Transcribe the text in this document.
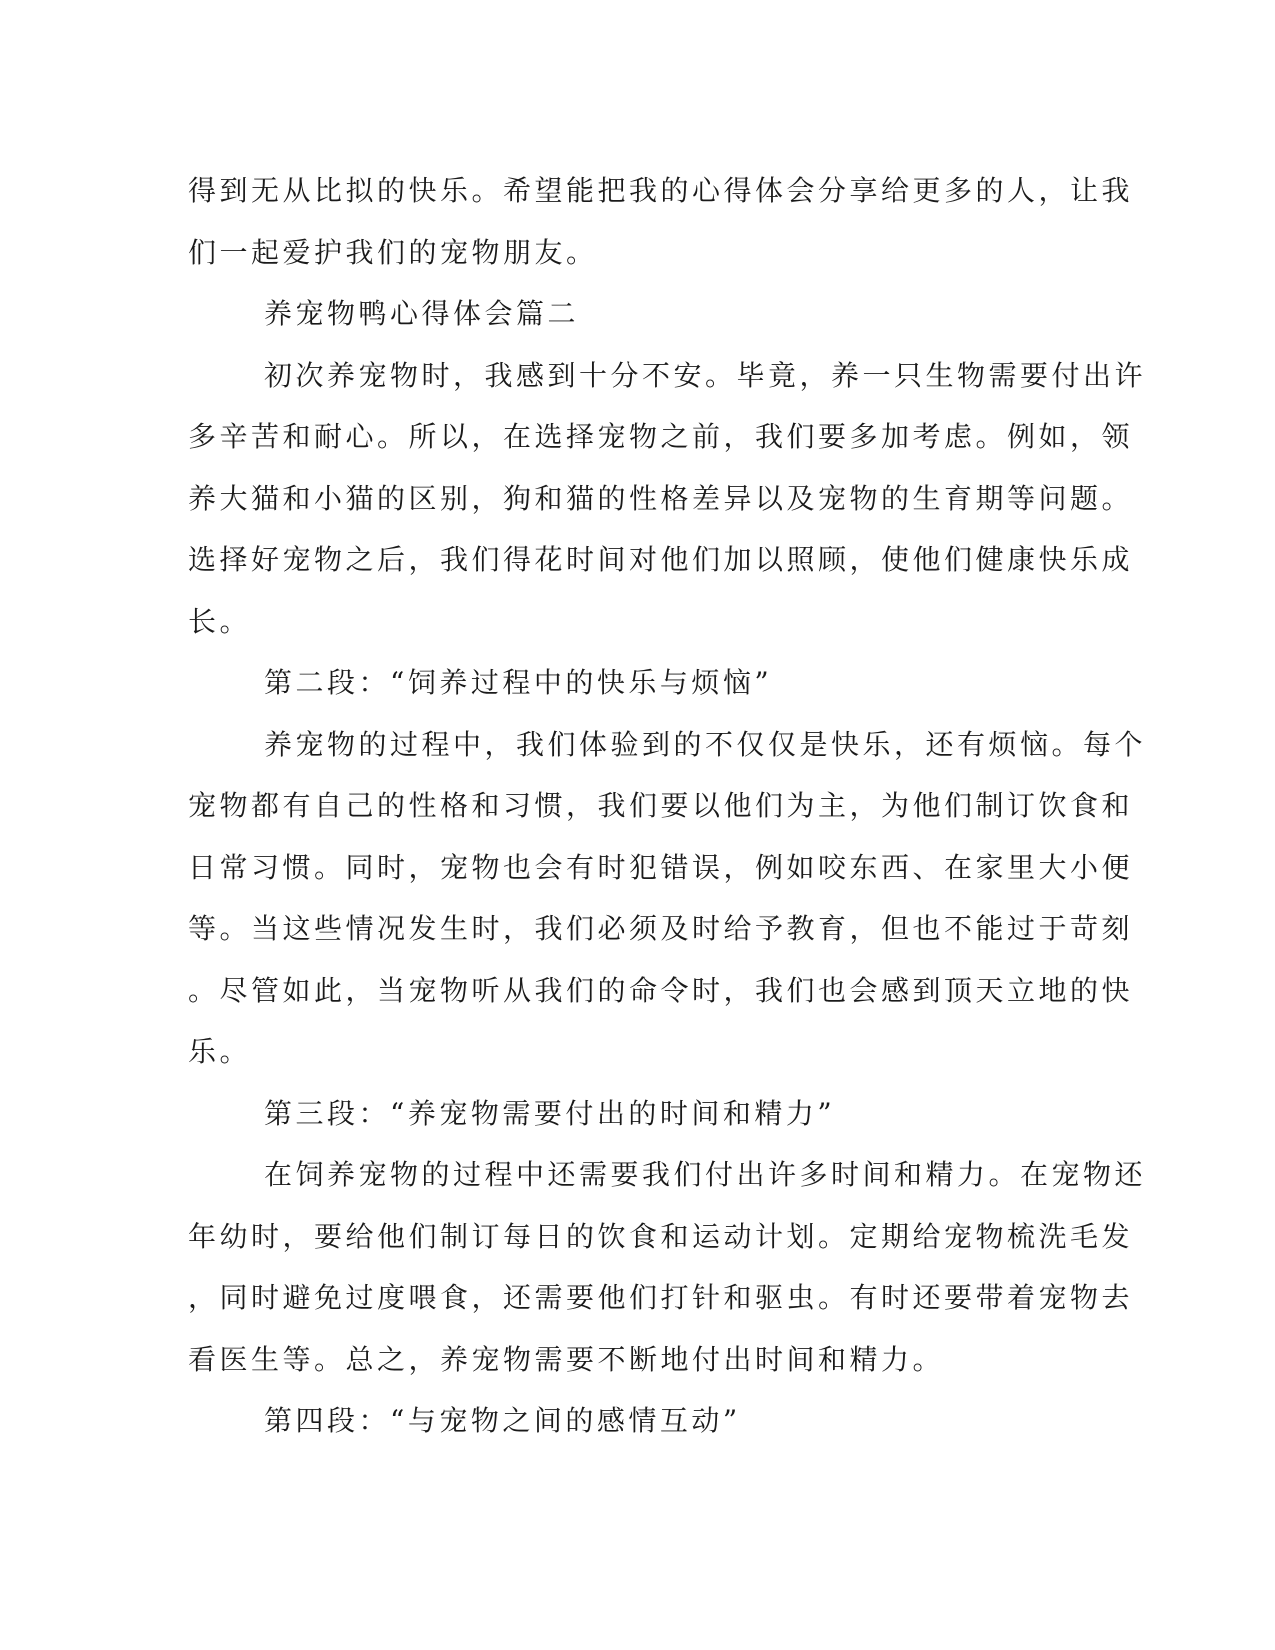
得到无从比拟的快乐。希望能把我的心得体会分享给更多的人，让我
们一起爱护我们的宠物朋友。
养宠物鸭心得体会篇二
初次养宠物时，我感到十分不安。毕竟，养一只生物需要付出许
多辛苦和耐心。所以，在选择宠物之前，我们要多加考虑。例如，领
养大猫和小猫的区别，狗和猫的性格差异以及宠物的生育期等问题。
选择好宠物之后，我们得花时间对他们加以照顾，使他们健康快乐成
长。
第二段：“饲养过程中的快乐与烦恼”
养宠物的过程中，我们体验到的不仅仅是快乐，还有烦恼。每个
宠物都有自己的性格和习惯，我们要以他们为主，为他们制订饮食和
日常习惯。同时，宠物也会有时犯错误，例如咬东西、在家里大小便
等。当这些情况发生时，我们必须及时给予教育，但也不能过于苛刻
。尽管如此，当宠物听从我们的命令时，我们也会感到顶天立地的快
乐。
第三段：“养宠物需要付出的时间和精力”
在饲养宠物的过程中还需要我们付出许多时间和精力。在宠物还
年幼时，要给他们制订每日的饮食和运动计划。定期给宠物梳洗毛发
，同时避免过度喂食，还需要他们打针和驱虫。有时还要带着宠物去
看医生等。总之，养宠物需要不断地付出时间和精力。
第四段：“与宠物之间的感情互动”
